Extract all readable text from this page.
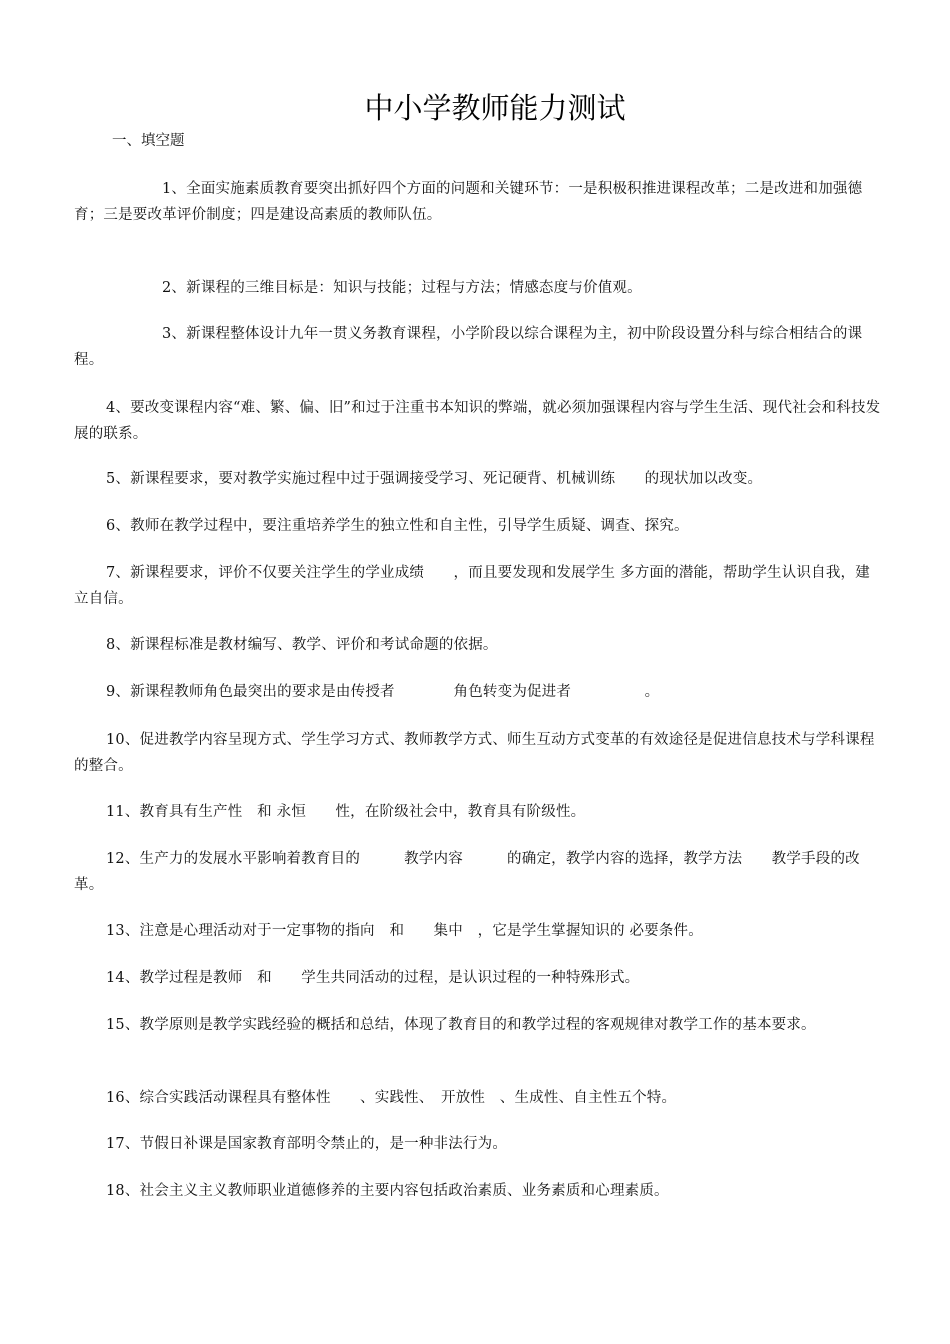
中小学教师能力测试
一、填空题

1、全面实施素质教育要突出抓好四个方面的问题和关键环节：一是积极积推进课程改革；二是改进和加强德育；三是要改革评价制度；四是建设高素质的教师队伍。

2、新课程的三维目标是：知识与技能；过程与方法；情感态度与价值观。

3、新课程整体设计九年一贯义务教育课程，小学阶段以综合课程为主，初中阶段设置分科与综合相结合的课程。

4、要改变课程内容“难、繁、偏、旧”和过于注重书本知识的弊端，就必须加强课程内容与学生生活、现代社会和科技发展的联系。

5、新课程要求，要对教学实施过程中过于强调接受学习、死记硬背、机械训练　　的现状加以改变。

6、教师在教学过程中，要注重培养学生的独立性和自主性，引导学生质疑、调查、探究。

7、新课程要求，评价不仅要关注学生的学业成绩　　，而且要发现和发展学生 多方面的潜能，帮助学生认识自我，建立自信。

8、新课程标准是教材编写、教学、评价和考试命题的依据。

9、新课程教师角色最突出的要求是由传授者　　　　角色转变为促进者　　　　　。

10、促进教学内容呈现方式、学生学习方式、教师教学方式、师生互动方式变革的有效途径是促进信息技术与学科课程的整合。

11、教育具有生产性　和 永恒　　性，在阶级社会中，教育具有阶级性。

12、生产力的发展水平影响着教育目的　　　教学内容　　　的确定，教学内容的选择，教学方法　　教学手段的改革。

13、注意是心理活动对于一定事物的指向　和　　集中　，它是学生掌握知识的 必要条件。

14、教学过程是教师　和　　学生共同活动的过程，是认识过程的一种特殊形式。

15、教学原则是教学实践经验的概括和总结，体现了教育目的和教学过程的客观规律对教学工作的基本要求。

16、综合实践活动课程具有整体性　　、实践性、　开放性　、生成性、自主性五个特。

17、节假日补课是国家教育部明令禁止的，是一种非法行为。

18、社会主义主义教师职业道德修养的主要内容包括政治素质、业务素质和心理素质。
